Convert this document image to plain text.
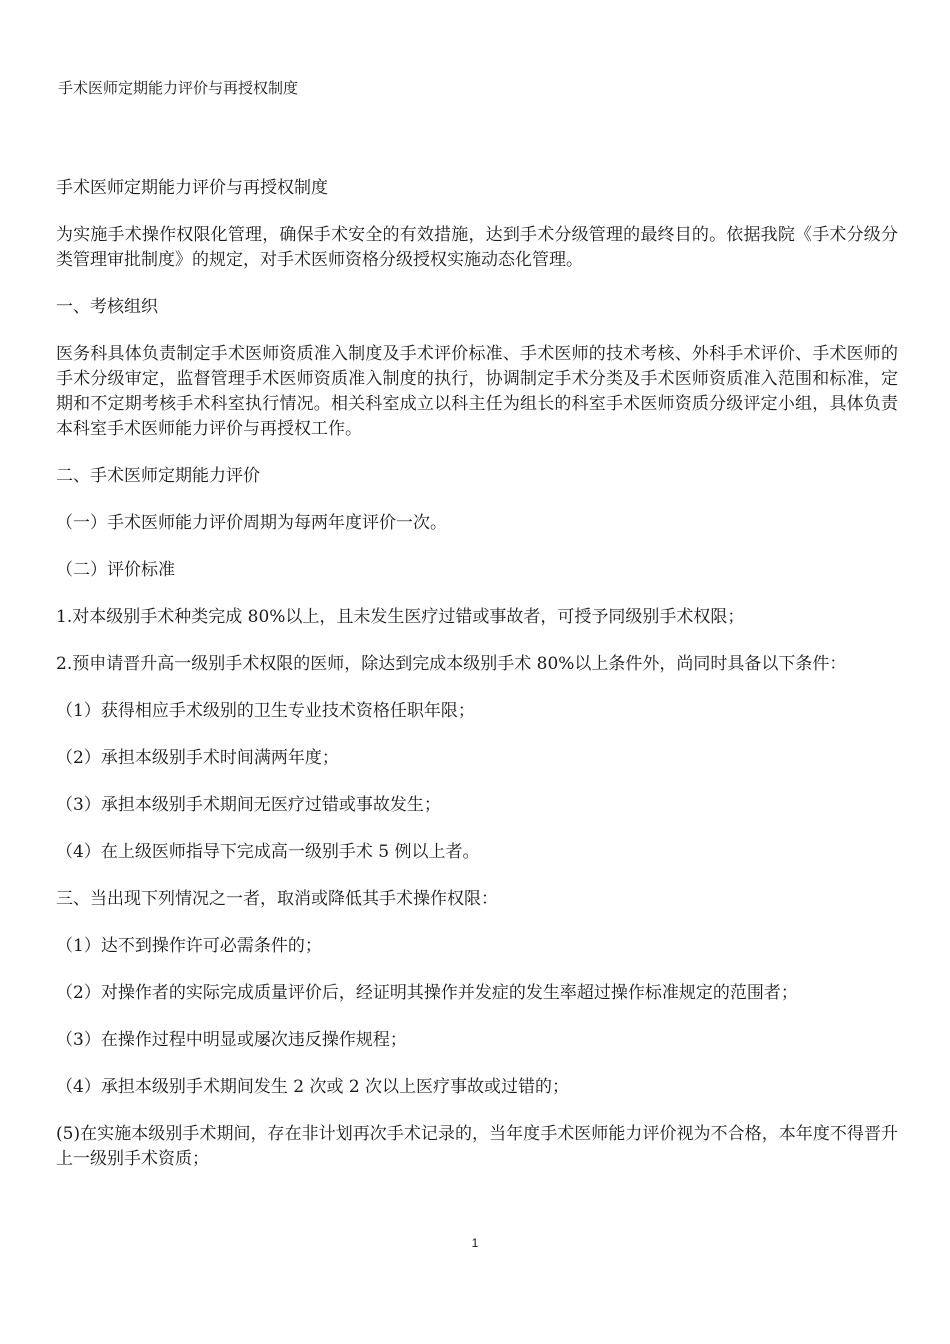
手术医师定期能力评价与再授权制度

手术医师定期能力评价与再授权制度

为实施手术操作权限化管理，确保手术安全的有效措施，达到手术分级管理的最终目的。依据我院《手术分级分类管理审批制度》的规定，对手术医师资格分级授权实施动态化管理。

一、考核组织

医务科具体负责制定手术医师资质准入制度及手术评价标准、手术医师的技术考核、外科手术评价、手术医师的手术分级审定，监督管理手术医师资质准入制度的执行，协调制定手术分类及手术医师资质准入范围和标准，定期和不定期考核手术科室执行情况。相关科室成立以科主任为组长的科室手术医师资质分级评定小组，具体负责本科室手术医师能力评价与再授权工作。

二、手术医师定期能力评价

（一）手术医师能力评价周期为每两年度评价一次。

（二）评价标准

1.对本级别手术种类完成 80%以上，且未发生医疗过错或事故者，可授予同级别手术权限；

2.预申请晋升高一级别手术权限的医师，除达到完成本级别手术 80%以上条件外，尚同时具备以下条件：

（1）获得相应手术级别的卫生专业技术资格任职年限；

（2）承担本级别手术时间满两年度；

（3）承担本级别手术期间无医疗过错或事故发生；

（4）在上级医师指导下完成高一级别手术 5 例以上者。

三、当出现下列情况之一者，取消或降低其手术操作权限：

（1）达不到操作许可必需条件的；

（2）对操作者的实际完成质量评价后，经证明其操作并发症的发生率超过操作标准规定的范围者；

（3）在操作过程中明显或屡次违反操作规程；

（4）承担本级别手术期间发生 2 次或 2 次以上医疗事故或过错的；

(5)在实施本级别手术期间，存在非计划再次手术记录的，当年度手术医师能力评价视为不合格，本年度不得晋升上一级别手术资质；

1
